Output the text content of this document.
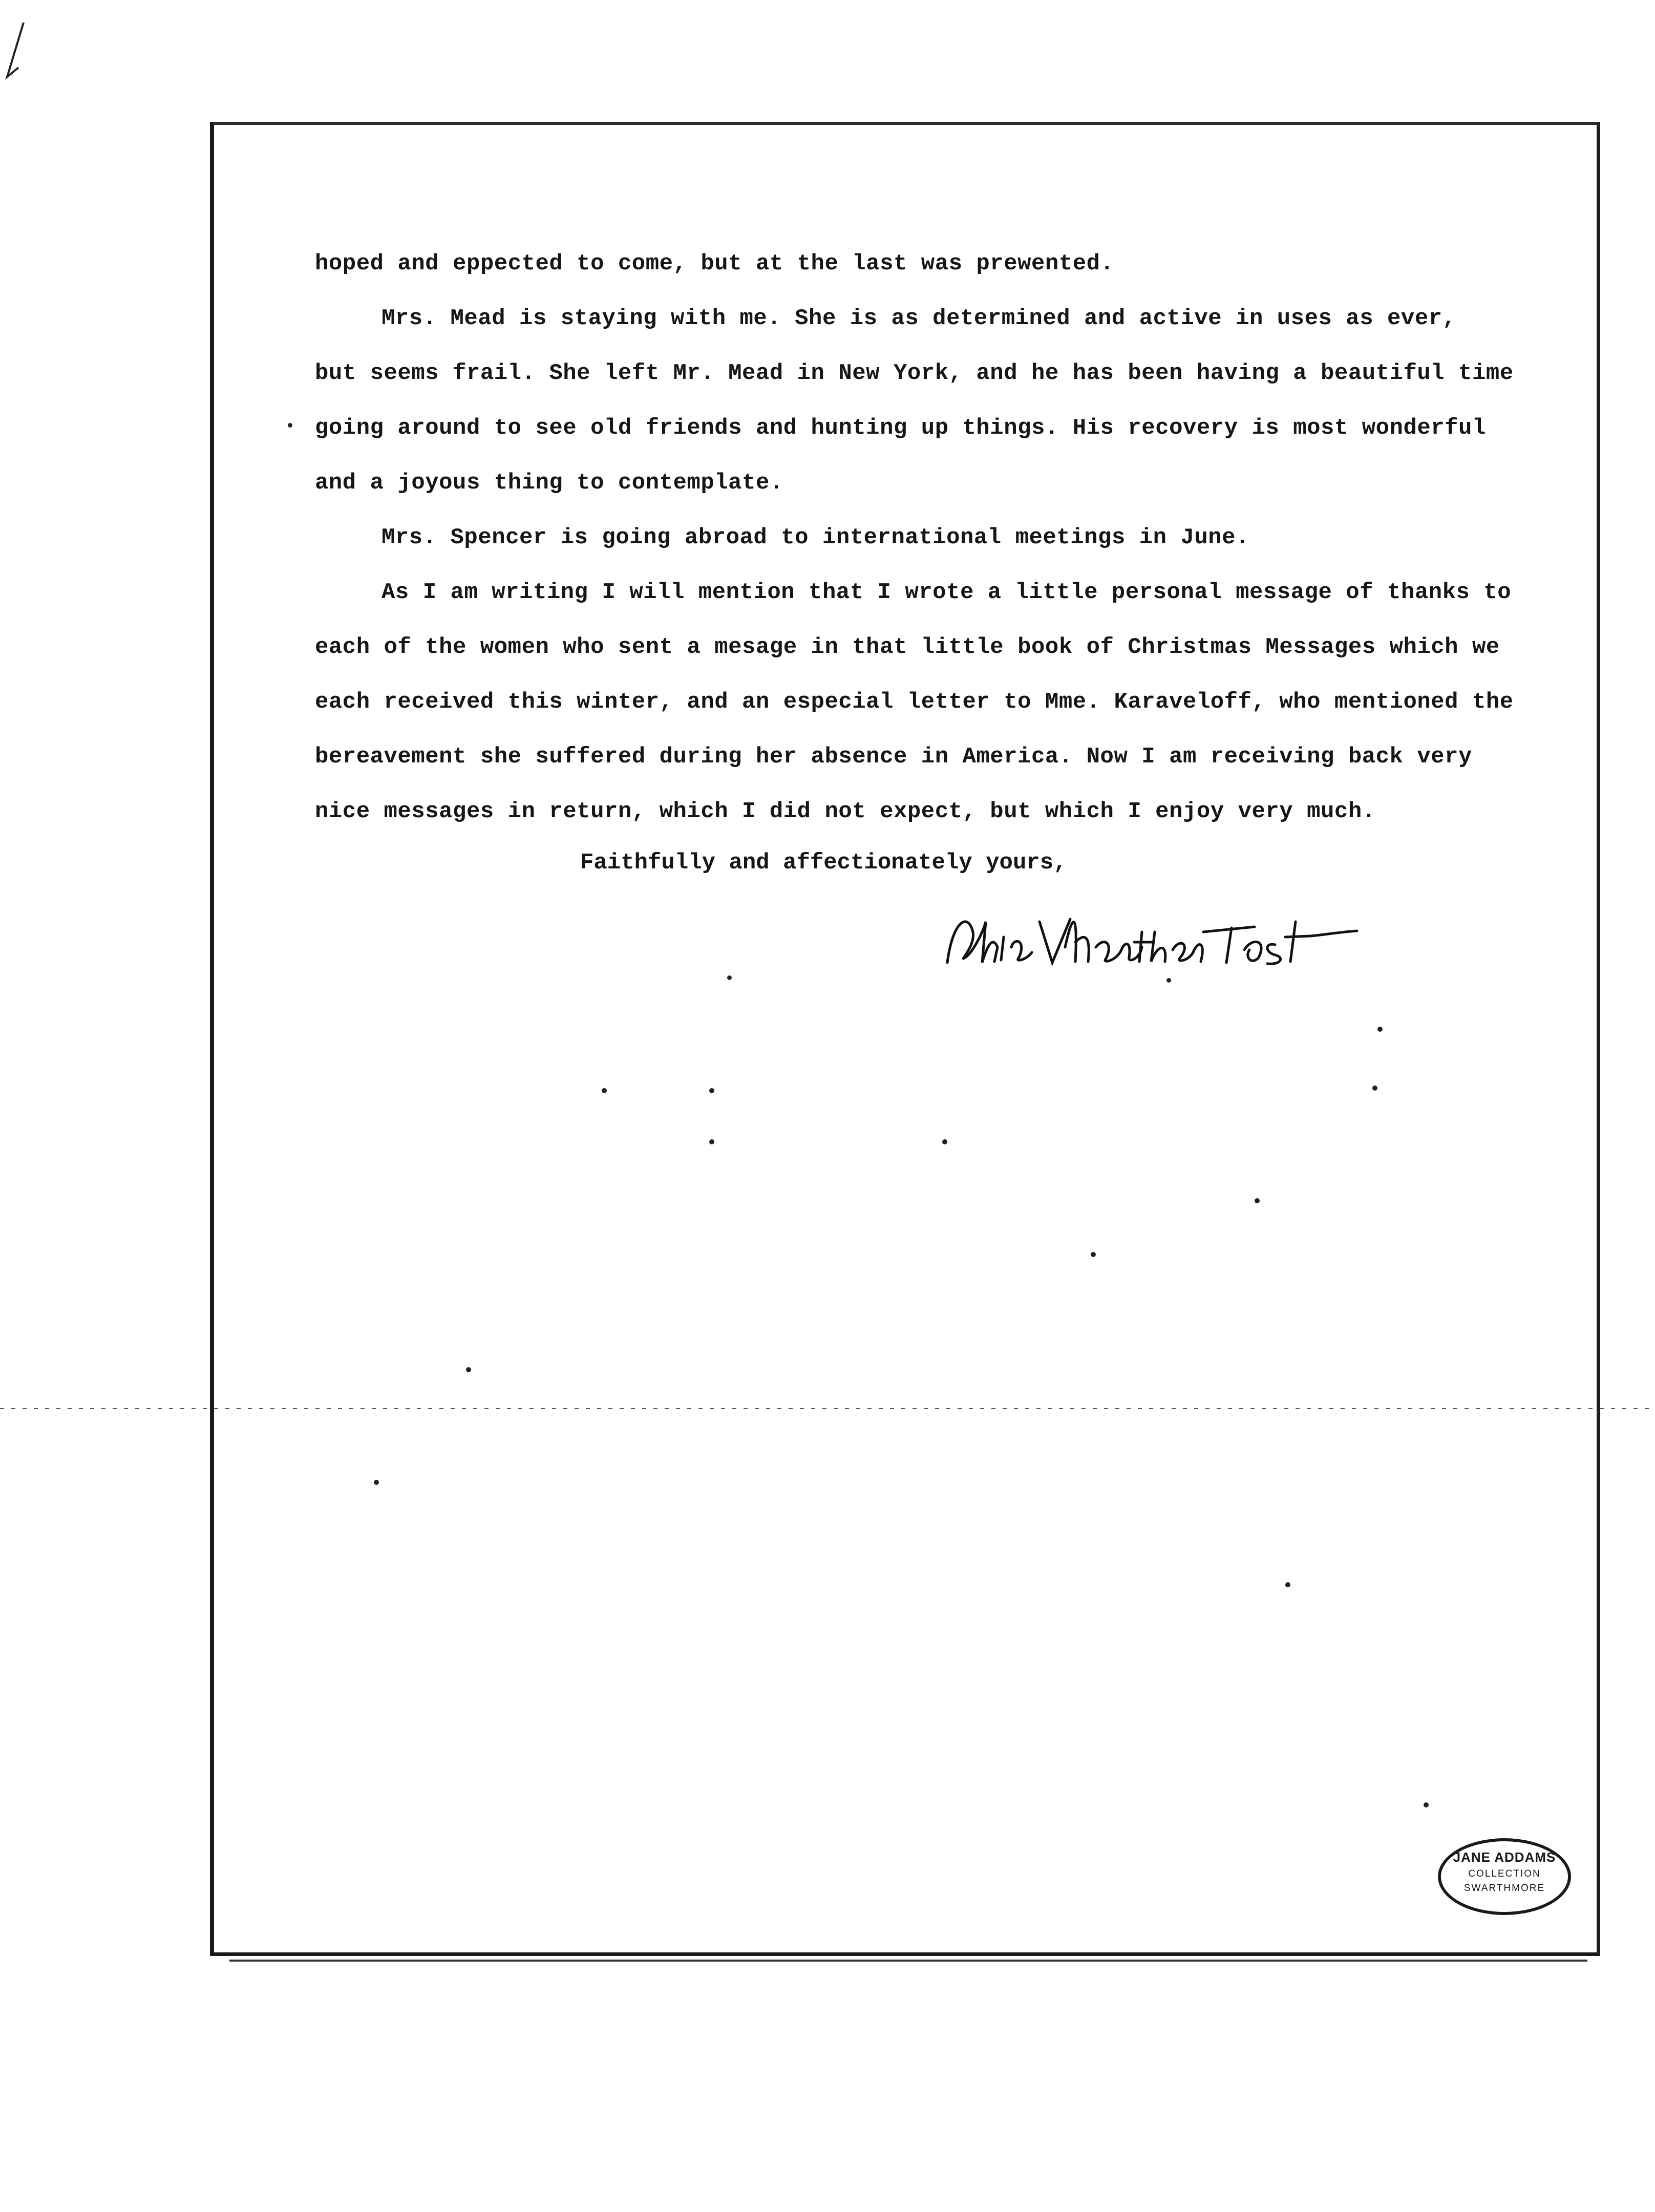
hoped and eppected to come, but at the last was prewented.
Mrs. Mead is staying with me. She is as determined and active in uses as ever,
but seems frail. She left Mr. Mead in New York, and he has been having a beautiful time
going around to see old friends and hunting up things. His recovery is most wonderful
and a joyous thing to contemplate.
Mrs. Spencer is going abroad to international meetings in June.
As I am writing I will mention that I wrote a little personal message of thanks to
each of the women who sent a mesage in that little book of Christmas Messages which we
each received this winter, and an especial letter to Mme. Karaveloff, who mentioned the
bereavement she suffered during her absence in America. Now I am receiving back very
nice messages in return, which I did not expect, but which I enjoy very much.
Faithfully and affectionately yours,
JANE ADDAMS
COLLECTION
SWARTHMORE
